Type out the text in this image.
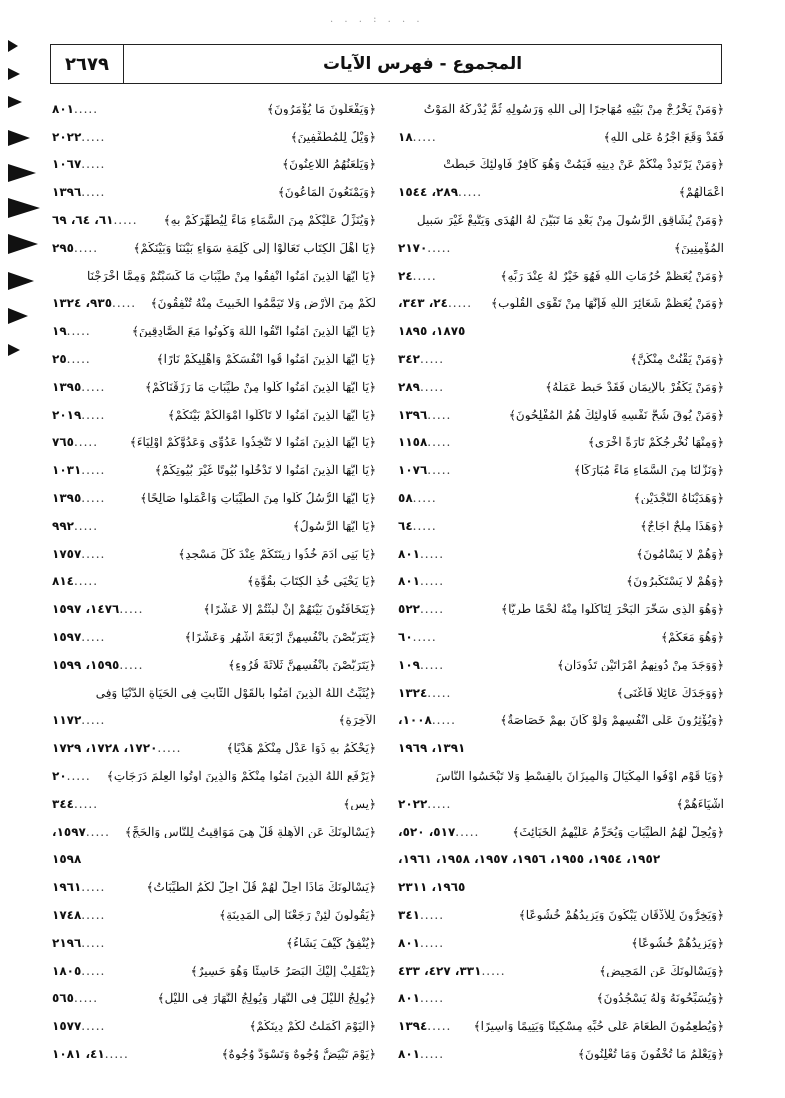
. . . : . . .
٢٦٧٩	المجموع - فهرس الآيات
﴿وَمَنْ يَخْرُجْ مِنْ بَيْتِهِ مُهَاجِرًا إِلَى اللَّهِ وَرَسُولِهِ ثُمَّ يُدْرِكْهُ الْمَوْتُ
فَقَدْ وَقَعَ أَجْرُهُ عَلَى اللَّهِ﴾
.....
١٨
﴿وَمَنْ يَرْتَدِدْ مِنْكُمْ عَنْ دِينِهِ فَيَمُتْ وَهُوَ كَافِرٌ فَأُولَئِكَ حَبِطَتْ
أَعْمَالُهُمْ﴾
.....
٢٨٩، ١٥٤٤
﴿وَمَنْ يُشَاقِقِ الرَّسُولَ مِنْ بَعْدِ مَا تَبَيَّنَ لَهُ الْهُدَى وَيَتَّبِعْ غَيْرَ سَبِيلِ
الْمُؤْمِنِينَ﴾
.....
٢١٧٠
﴿وَمَنْ يُعَظِّمْ حُرُمَاتِ اللَّهِ فَهُوَ خَيْرٌ لَهُ عِنْدَ رَبِّهِ﴾
.....
٢٤
﴿وَمَنْ يُعَظِّمْ شَعَائِرَ اللَّهِ فَإِنَّهَا مِنْ تَقْوَى الْقُلُوبِ﴾
.....
٢٤، ٣٤٣،
١٨٧٥، ١٨٩٥
﴿وَمَنْ يَقْنُتْ مِنْكُنَّ﴾
.....
٣٤٢
﴿وَمَنْ يَكْفُرْ بِالْإِيمَانِ فَقَدْ حَبِطَ عَمَلُهُ﴾
.....
٢٨٩
﴿وَمَنْ يُوقَ شُحَّ نَفْسِهِ فَأُولَئِكَ هُمُ الْمُفْلِحُونَ﴾
.....
١٣٩٦
﴿وَمِنْهَا نُخْرِجُكُمْ تَارَةً أُخْرَى﴾
.....
١١٥٨
﴿وَنَزَّلْنَا مِنَ السَّمَاءِ مَاءً مُبَارَكًا﴾
.....
١٠٧٦
﴿وَهَدَيْنَاهُ النَّجْدَيْنِ﴾
.....
٥٨
﴿وَهَذَا مِلْحٌ أُجَاجٌ﴾
.....
٦٤
﴿وَهُمْ لا يَسْأَمُونَ﴾
.....
٨٠١
﴿وَهُمْ لا يَسْتَكْبِرُونَ﴾
.....
٨٠١
﴿وَهُوَ الَّذِي سَخَّرَ الْبَحْرَ لِتَأْكُلُوا مِنْهُ لَحْمًا طَرِيًّا﴾
.....
٥٢٢
﴿وَهُوَ مَعَكُمْ﴾
.....
٦٠
﴿وَوَجَدَ مِنْ دُونِهِمُ امْرَأَتَيْنِ تَذُودَانِ﴾
.....
١٠٩
﴿وَوَجَدَكَ عَائِلًا فَأَغْنَى﴾
.....
١٣٢٤
﴿وَيُؤْثِرُونَ عَلَى أَنْفُسِهِمْ وَلَوْ كَانَ بِهِمْ خَصَاصَةٌ﴾
.....
١٠٠٨،
١٣٩١، ١٩٦٩
﴿وَيَا قَوْمِ أَوْفُوا الْمِكْيَالَ وَالْمِيزَانَ بِالْقِسْطِ وَلا تَبْخَسُوا النَّاسَ
أَشْيَاءَهُمْ﴾
.....
٢٠٢٢
﴿وَيُحِلُّ لَهُمُ الطَّيِّبَاتِ وَيُحَرِّمُ عَلَيْهِمُ الْخَبَائِثَ﴾
.....
٥١٧، ٥٢٠،
١٩٥٢، ١٩٥٤، ١٩٥٥، ١٩٥٦، ١٩٥٧، ١٩٥٨، ١٩٦١،
١٩٦٥، ٢٣١١
﴿وَيَخِرُّونَ لِلْأَذْقَانِ يَبْكُونَ وَيَزِيدُهُمْ خُشُوعًا﴾
.....
٣٤١
﴿وَيَزِيدُهُمْ خُشُوعًا﴾
.....
٨٠١
﴿وَيَسْأَلُونَكَ عَنِ الْمَحِيضِ﴾
.....
٣٣١، ٤٢٧، ٤٣٣
﴿وَيُسَبِّحُونَهُ وَلَهُ يَسْجُدُونَ﴾
.....
٨٠١
﴿وَيُطْعِمُونَ الطَّعَامَ عَلَى حُبِّهِ مِسْكِينًا وَيَتِيمًا وَأَسِيرًا﴾
.....
١٣٩٤
﴿وَيَعْلَمُ مَا تُخْفُونَ وَمَا تُعْلِنُونَ﴾
.....
٨٠١
﴿وَيَفْعَلُونَ مَا يُؤْمَرُونَ﴾
.....
٨٠١
﴿وَيْلٌ لِلْمُطَفِّفِينَ﴾
.....
٢٠٢٢
﴿وَيَلْعَنُهُمُ اللاعِنُونَ﴾
.....
١٠٦٧
﴿وَيَمْنَعُونَ الْمَاعُونَ﴾
.....
١٣٩٦
﴿وَيُنَزِّلُ عَلَيْكُمْ مِنَ السَّمَاءِ مَاءً لِيُطَهِّرَكُمْ بِهِ﴾
.....
٦١، ٦٤، ٦٩
﴿يَا أَهْلَ الْكِتَابِ تَعَالَوْا إِلَى كَلِمَةٍ سَوَاءٍ بَيْنَنَا وَبَيْنَكُمْ﴾
.....
٢٩٥
﴿يَا أَيُّهَا الَّذِينَ آمَنُوا أَنْفِقُوا مِنْ طَيِّبَاتِ مَا كَسَبْتُمْ وَمِمَّا أَخْرَجْنَا
لَكُمْ مِنَ الْأَرْضِ وَلا تَيَمَّمُوا الْخَبِيثَ مِنْهُ تُنْفِقُونَ﴾
.....
٩٣٥، ١٣٢٤
﴿يَا أَيُّهَا الَّذِينَ آمَنُوا اتَّقُوا اللَّهَ وَكُونُوا مَعَ الصَّادِقِينَ﴾
.....
١٩
﴿يَا أَيُّهَا الَّذِينَ آمَنُوا قُوا أَنْفُسَكُمْ وَأَهْلِيكُمْ نَارًا﴾
.....
٢٥
﴿يَا أَيُّهَا الَّذِينَ آمَنُوا كُلُوا مِنْ طَيِّبَاتِ مَا رَزَقْنَاكُمْ﴾
.....
١٣٩٥
﴿يَا أَيُّهَا الَّذِينَ آمَنُوا لا تَأْكُلُوا أَمْوَالَكُمْ بَيْنَكُمْ﴾
.....
٢٠١٩
﴿يَا أَيُّهَا الَّذِينَ آمَنُوا لا تَتَّخِذُوا عَدُوِّي وَعَدُوَّكُمْ أَوْلِيَاءَ﴾
.....
٧٦٥
﴿يَا أَيُّهَا الَّذِينَ آمَنُوا لا تَدْخُلُوا بُيُوتًا غَيْرَ بُيُوتِكُمْ﴾
.....
١٠٣١
﴿يَا أَيُّهَا الرُّسُلُ كُلُوا مِنَ الطَّيِّبَاتِ وَاعْمَلُوا صَالِحًا﴾
.....
١٣٩٥
﴿يَا أَيُّهَا الرَّسُولُ﴾
.....
٩٩٢
﴿يَا بَنِي آدَمَ خُذُوا زِينَتَكُمْ عِنْدَ كُلِّ مَسْجِدٍ﴾
.....
١٧٥٧
﴿يَا يَحْيَى خُذِ الْكِتَابَ بِقُوَّةٍ﴾
.....
٨١٤
﴿يَتَخَافَتُونَ بَيْنَهُمْ إِنْ لَبِثْتُمْ إِلَّا عَشْرًا﴾
.....
١٤٧٦، ١٥٩٧
﴿يَتَرَبَّصْنَ بِأَنْفُسِهِنَّ أَرْبَعَةَ أَشْهُرٍ وَعَشْرًا﴾
.....
١٥٩٧
﴿يَتَرَبَّصْنَ بِأَنْفُسِهِنَّ ثَلاثَةَ قُرُوءٍ﴾
.....
١٥٩٥، ١٥٩٩
﴿يُثَبِّتُ اللَّهُ الَّذِينَ آمَنُوا بِالْقَوْلِ الثَّابِتِ فِي الْحَيَاةِ الدُّنْيَا وَفِي
الْآخِرَةِ﴾
.....
١١٧٢
﴿يَحْكُمُ بِهِ ذَوَا عَدْلٍ مِنْكُمْ هَدْيًا﴾
.....
١٧٢٠، ١٧٢٨، ١٧٢٩
﴿يَرْفَعِ اللَّهُ الَّذِينَ آمَنُوا مِنْكُمْ وَالَّذِينَ أُوتُوا الْعِلْمَ دَرَجَاتٍ﴾
.....
٢٠
﴿يس﴾
.....
٣٤٤
﴿يَسْأَلُونَكَ عَنِ الْأَهِلَّةِ قُلْ هِيَ مَوَاقِيتُ لِلنَّاسِ وَالْحَجِّ﴾
.....
١٥٩٧،
١٥٩٨
﴿يَسْأَلُونَكَ مَاذَا أُحِلَّ لَهُمْ قُلْ أُحِلَّ لَكُمُ الطَّيِّبَاتُ﴾
.....
١٩٦١
﴿يَقُولُونَ لَئِنْ رَجَعْنَا إِلَى الْمَدِينَةِ﴾
.....
١٧٤٨
﴿يُنْفِقُ كَيْفَ يَشَاءُ﴾
.....
٢١٩٦
﴿يَنْقَلِبْ إِلَيْكَ الْبَصَرُ خَاسِئًا وَهُوَ حَسِيرٌ﴾
.....
١٨٠٥
﴿يُولِجُ اللَّيْلَ فِي النَّهَارِ وَيُولِجُ النَّهَارَ فِي اللَّيْلِ﴾
.....
٥٦٥
﴿الْيَوْمَ أَكْمَلْتُ لَكُمْ دِينَكُمْ﴾
.....
١٥٧٧
﴿يَوْمَ تَبْيَضُّ وُجُوهٌ وَتَسْوَدُّ وُجُوهٌ﴾
.....
٤١، ١٠٨١
